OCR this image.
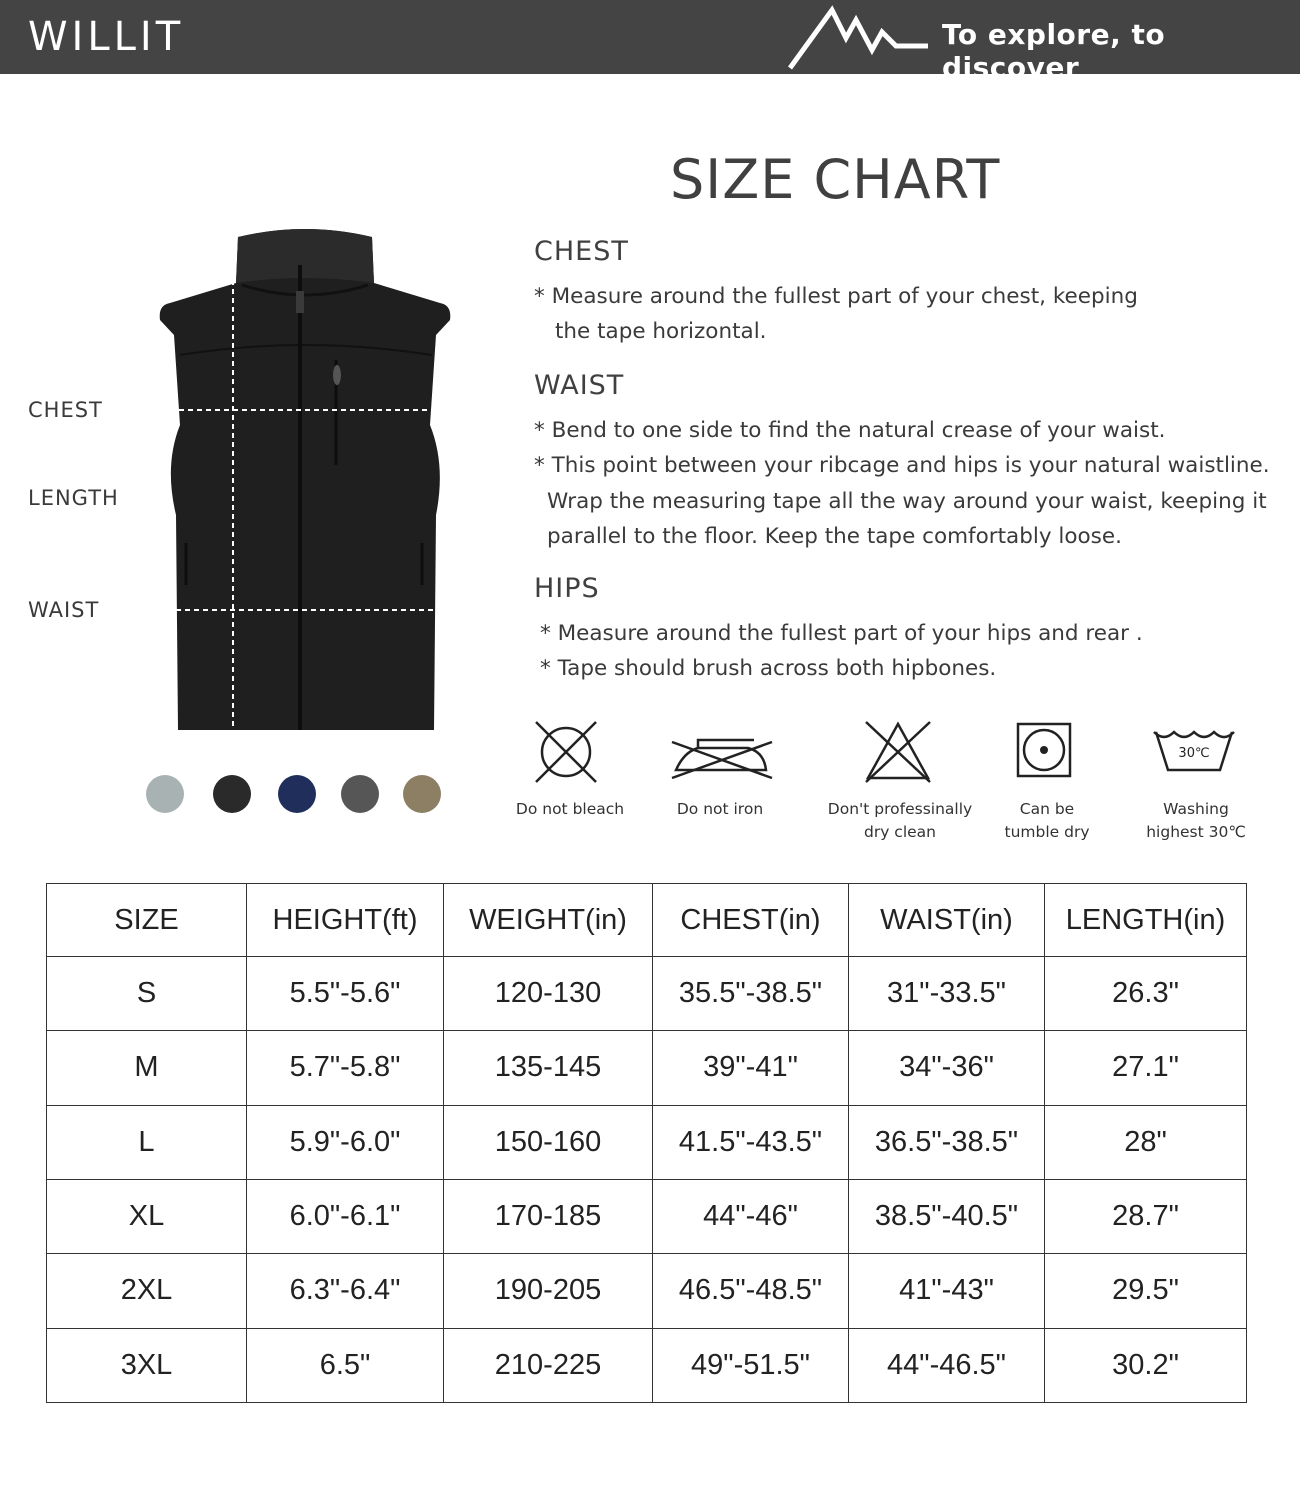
WILLIT	To explore, to discover
SIZE CHART
CHEST
LENGTH
WAIST
CHEST
* Measure around the fullest part of your chest, keeping
the tape horizontal.
WAIST
* Bend to one side to find the natural crease of your waist.
* This point between your ribcage and hips is your natural waistline.
Wrap the measuring tape all the way around your waist, keeping it
parallel to the floor. Keep the tape comfortably loose.
HIPS
* Measure around the fullest part of your hips and rear .
* Tape should brush across both hipbones.
30℃
Do not bleach	Do not iron	Don't professinally
dry clean
Can be
tumble dry
Washing
highest 30℃
SIZE	HEIGHT(ft)	WEIGHT(in)	CHEST(in)	WAIST(in)	LENGTH(in)
S	5.5"-5.6"	120-130	35.5"-38.5"	31"-33.5"	26.3"
M	5.7"-5.8"	135-145	39"-41"	34"-36"	27.1"
L	5.9"-6.0"	150-160	41.5"-43.5"	36.5"-38.5"	28"
XL	6.0"-6.1"	170-185	44"-46"	38.5"-40.5"	28.7"
2XL	6.3"-6.4"	190-205	46.5"-48.5"	41"-43"	29.5"
3XL	6.5"	210-225	49"-51.5"	44"-46.5"	30.2"
